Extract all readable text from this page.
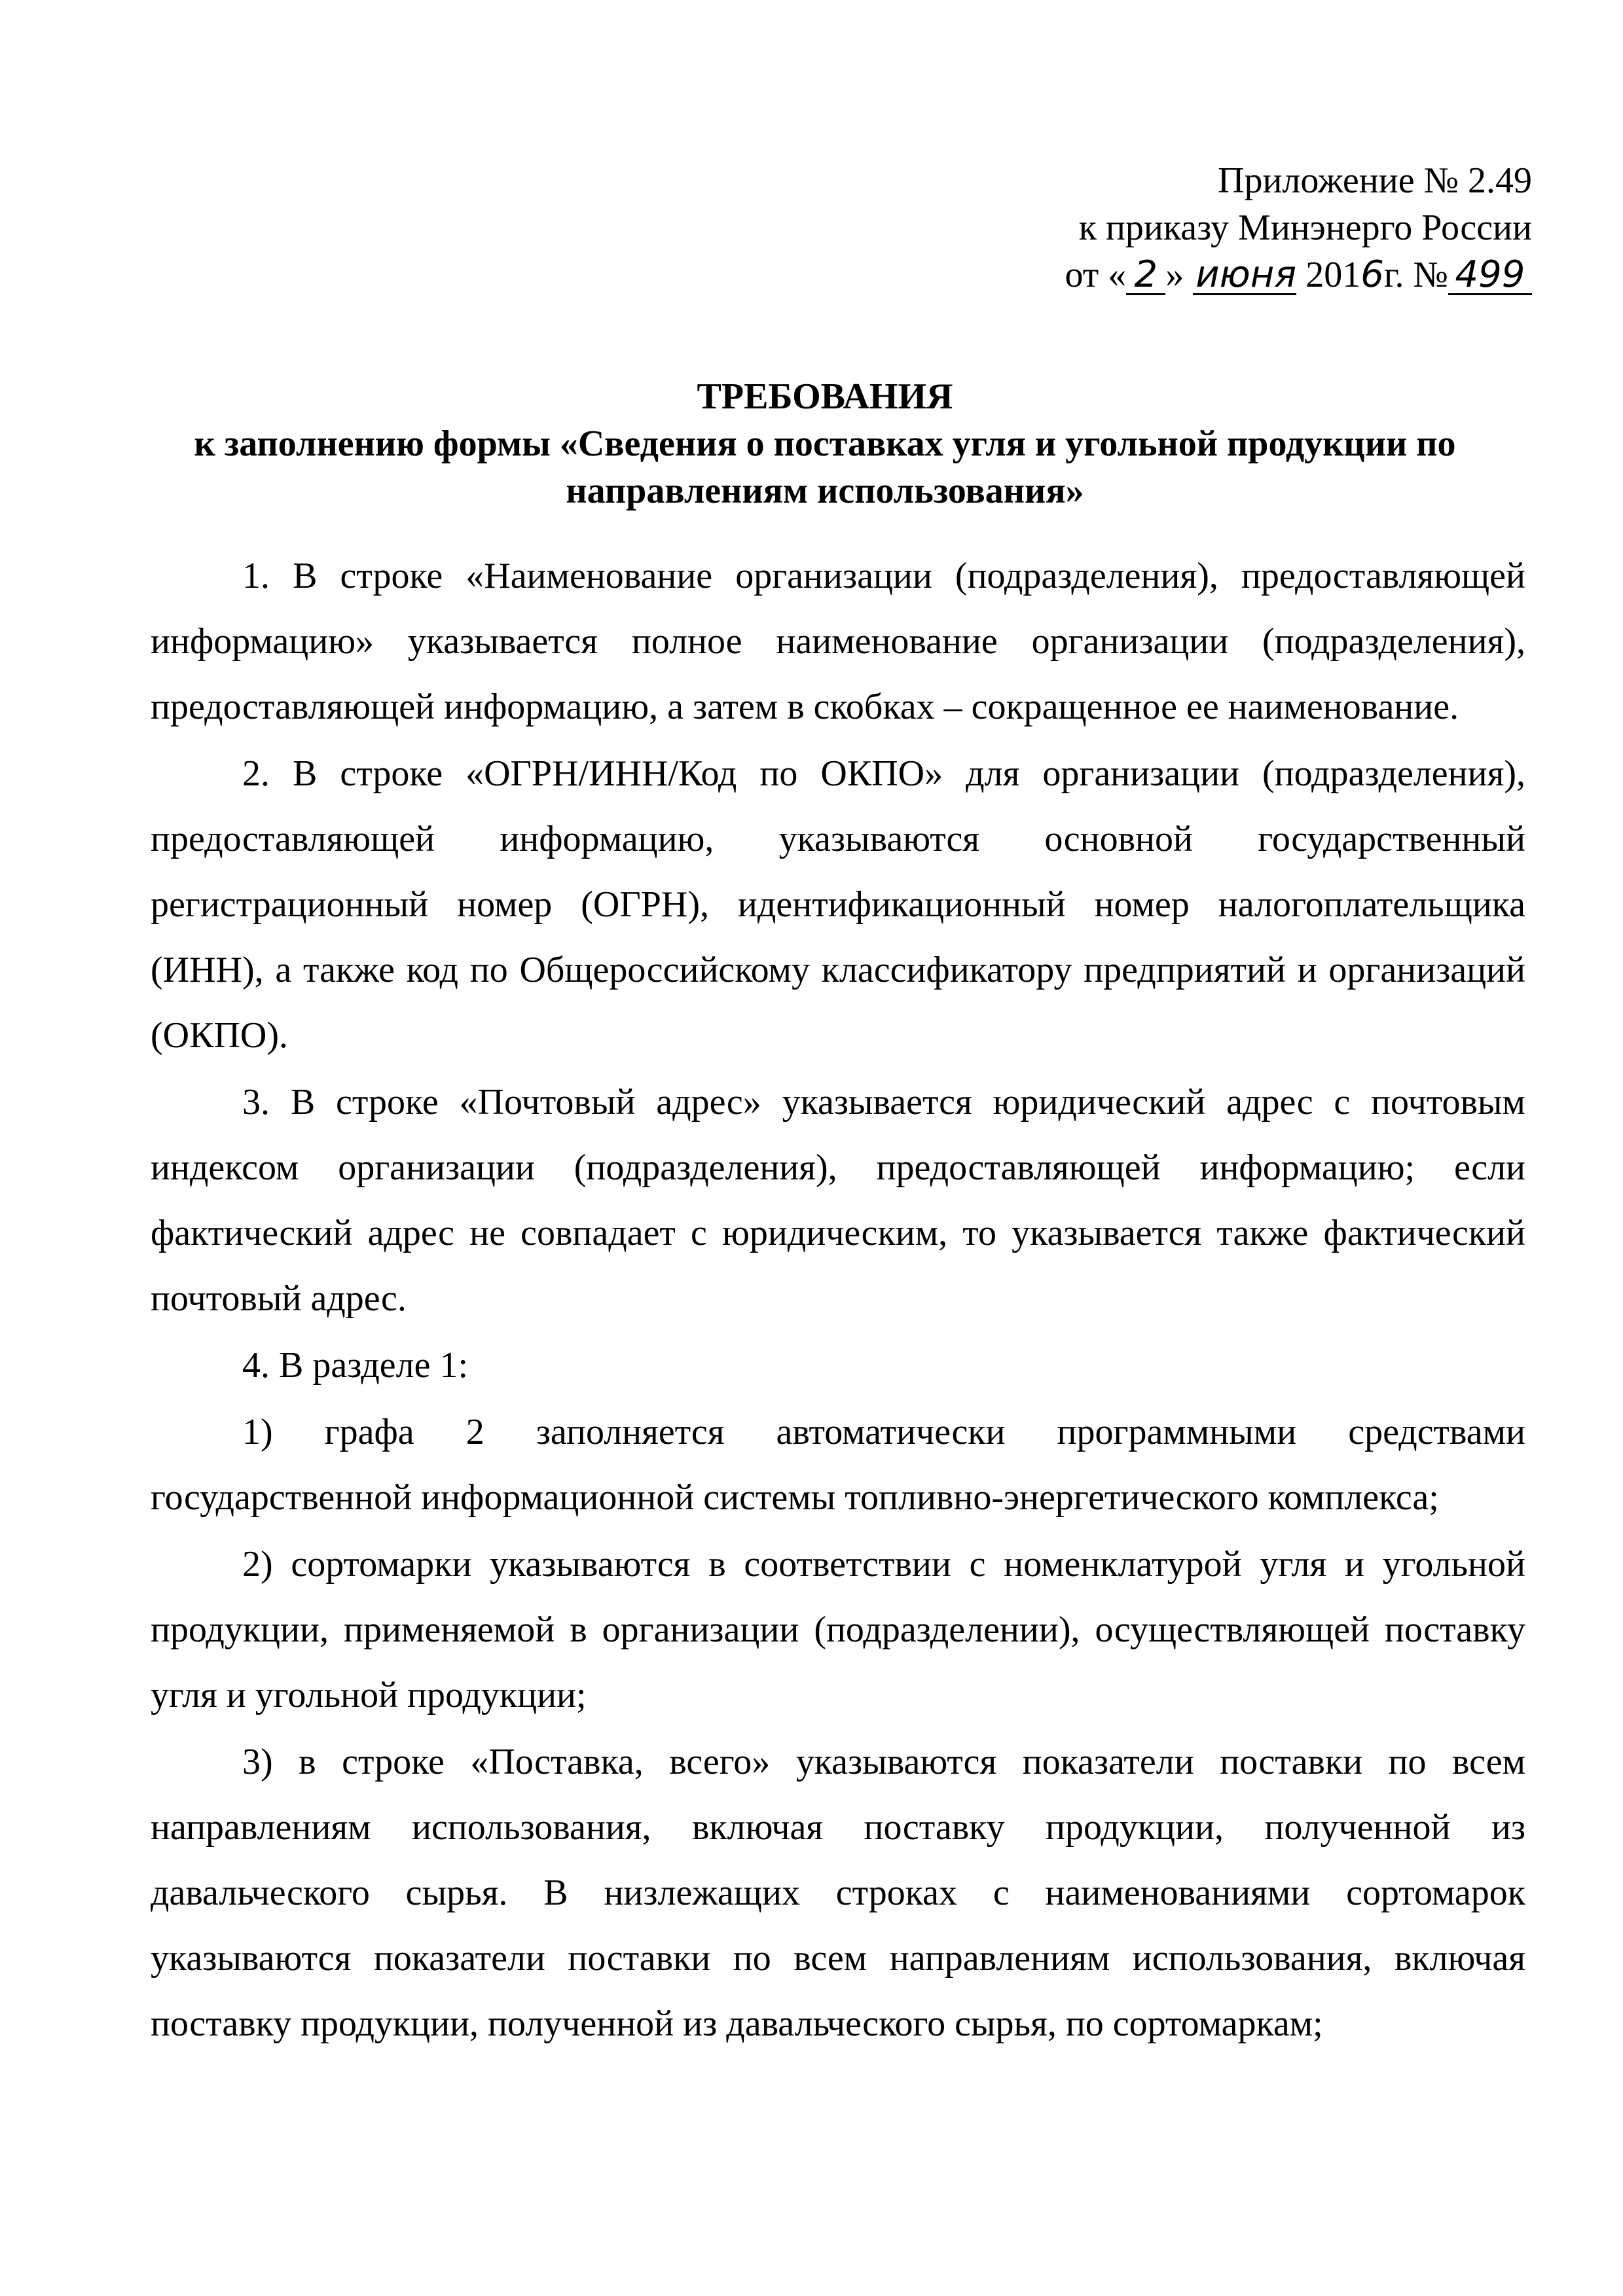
Приложение № 2.49
к приказу Минэнерго России
от « 2 » июня 2016г. № 499
ТРЕБОВАНИЯ
к заполнению формы «Сведения о поставках угля и угольной продукции по направлениям использования»

1. В строке «Наименование организации (подразделения), предоставляющей информацию» указывается полное наименование организации (подразделения), предоставляющей информацию, а затем в скобках – сокращенное ее наименование.

2. В строке «ОГРН/ИНН/Код по ОКПО» для организации (подразделения), предоставляющей информацию, указываются основной государственный регистрационный номер (ОГРН), идентификационный номер налогоплательщика (ИНН), а также код по Общероссийскому классификатору предприятий и организаций (ОКПО).

3. В строке «Почтовый адрес» указывается юридический адрес с почтовым индексом организации (подразделения), предоставляющей информацию; если фактический адрес не совпадает с юридическим, то указывается также фактический почтовый адрес.

4. В разделе 1:

1) графа 2 заполняется автоматически программными средствами государственной информационной системы топливно-энергетического комплекса;

2) сортомарки указываются в соответствии с номенклатурой угля и угольной продукции, применяемой в организации (подразделении), осуществляющей поставку угля и угольной продукции;

3) в строке «Поставка, всего» указываются показатели поставки по всем направлениям использования, включая поставку продукции, полученной из давальческого сырья. В низлежащих строках с наименованиями сортомарок указываются показатели поставки по всем направлениям использования, включая поставку продукции, полученной из давальческого сырья, по сортомаркам;
